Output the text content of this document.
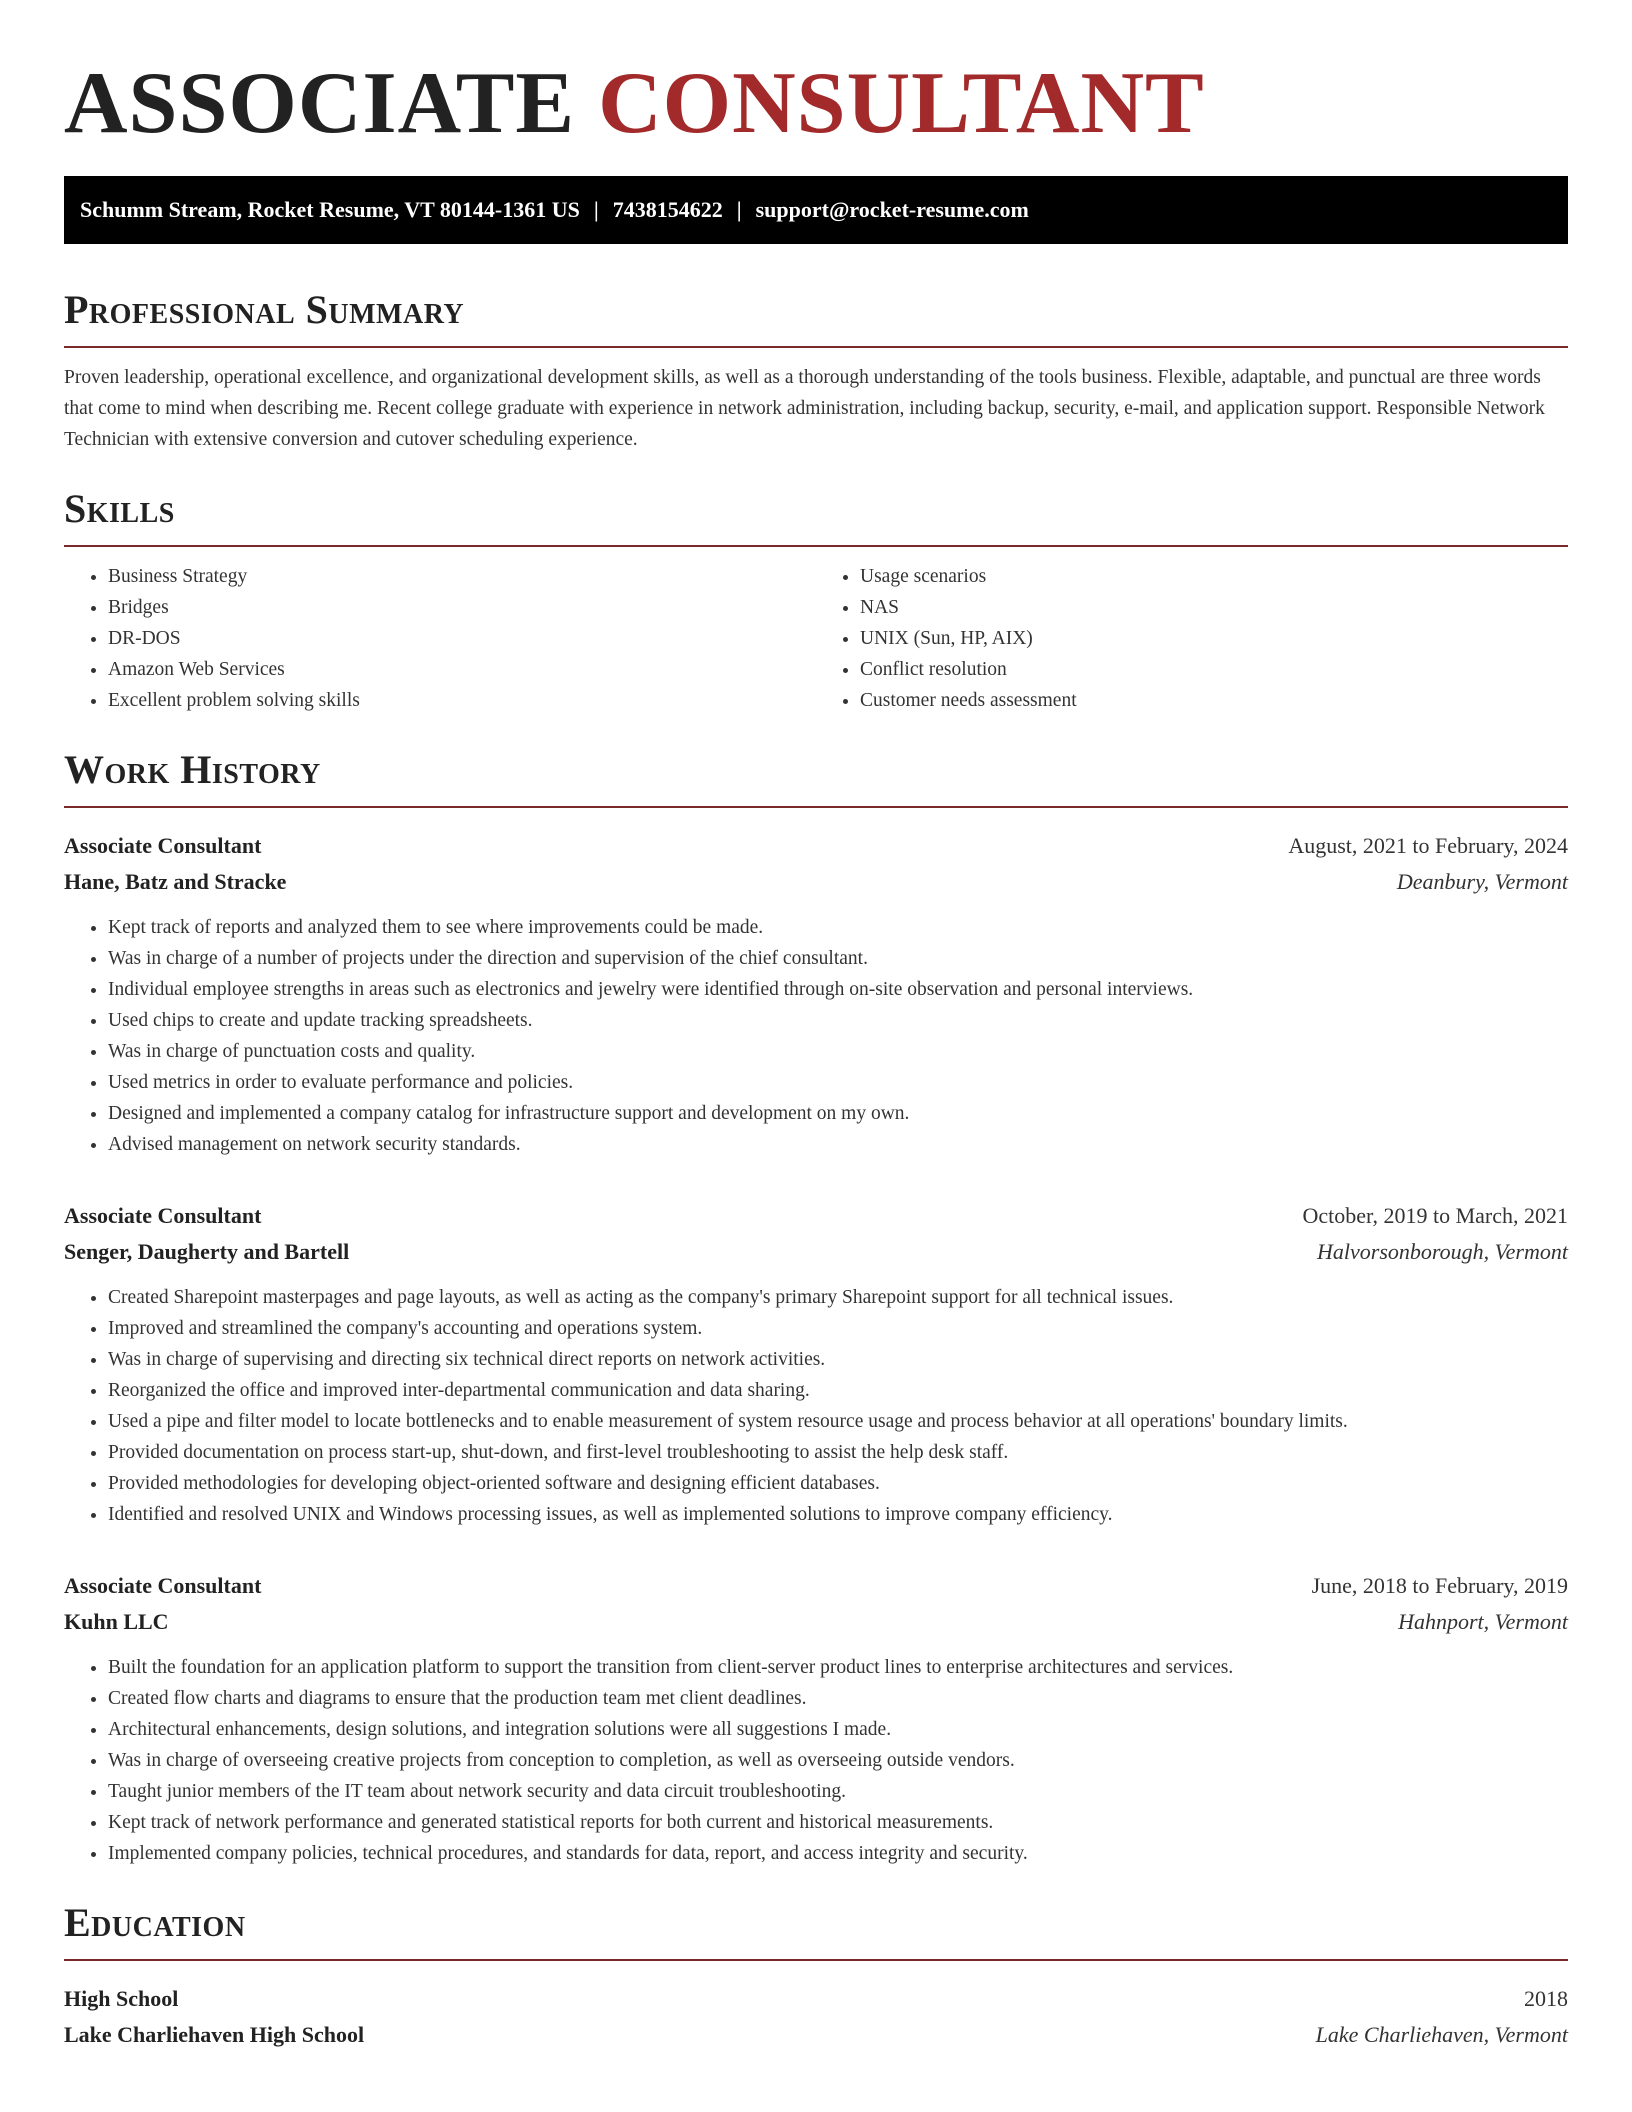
ASSOCIATE CONSULTANT
Schumm Stream, Rocket Resume, VT 80144-1361 US | 7438154622 | support@rocket-resume.com
Professional Summary

Proven leadership, operational excellence, and organizational development skills, as well as a thorough understanding of the tools business. Flexible, adaptable, and punctual are three words that come to mind when describing me. Recent college graduate with experience in network administration, including backup, security, e-mail, and application support. Responsible Network Technician with extensive conversion and cutover scheduling experience.

Skills
• Business Strategy
• Bridges
• DR-DOS
• Amazon Web Services
• Excellent problem solving skills
• Usage scenarios
• NAS
• UNIX (Sun, HP, AIX)
• Conflict resolution
• Customer needs assessment
Work History
Associate Consultant	August, 2021 to February, 2024
Hane, Batz and Stracke	Deanbury, Vermont
• Kept track of reports and analyzed them to see where improvements could be made.
• Was in charge of a number of projects under the direction and supervision of the chief consultant.
• Individual employee strengths in areas such as electronics and jewelry were identified through on-site observation and personal interviews.
• Used chips to create and update tracking spreadsheets.
• Was in charge of punctuation costs and quality.
• Used metrics in order to evaluate performance and policies.
• Designed and implemented a company catalog for infrastructure support and development on my own.
• Advised management on network security standards.
Associate Consultant	October, 2019 to March, 2021
Senger, Daugherty and Bartell	Halvorsonborough, Vermont
• Created Sharepoint masterpages and page layouts, as well as acting as the company's primary Sharepoint support for all technical issues.
• Improved and streamlined the company's accounting and operations system.
• Was in charge of supervising and directing six technical direct reports on network activities.
• Reorganized the office and improved inter-departmental communication and data sharing.
• Used a pipe and filter model to locate bottlenecks and to enable measurement of system resource usage and process behavior at all operations' boundary limits.
• Provided documentation on process start-up, shut-down, and first-level troubleshooting to assist the help desk staff.
• Provided methodologies for developing object-oriented software and designing efficient databases.
• Identified and resolved UNIX and Windows processing issues, as well as implemented solutions to improve company efficiency.
Associate Consultant	June, 2018 to February, 2019
Kuhn LLC	Hahnport, Vermont
• Built the foundation for an application platform to support the transition from client-server product lines to enterprise architectures and services.
• Created flow charts and diagrams to ensure that the production team met client deadlines.
• Architectural enhancements, design solutions, and integration solutions were all suggestions I made.
• Was in charge of overseeing creative projects from conception to completion, as well as overseeing outside vendors.
• Taught junior members of the IT team about network security and data circuit troubleshooting.
• Kept track of network performance and generated statistical reports for both current and historical measurements.
• Implemented company policies, technical procedures, and standards for data, report, and access integrity and security.
Education
High School	2018
Lake Charliehaven High School	Lake Charliehaven, Vermont
